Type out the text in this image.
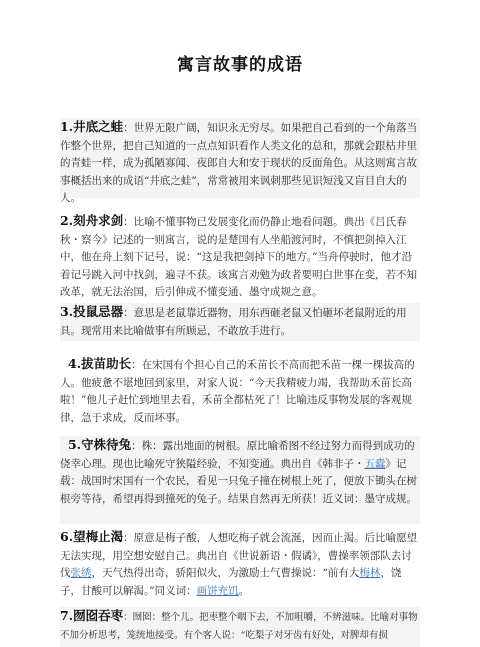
寓言故事的成语
1.井底之蛙：世界无限广阔，知识永无穷尽。如果把自己看到的一个角落当作整个世界，把自己知道的一点点知识看作人类文化的总和，那就会跟枯井里的青蛙一样，成为孤陋寡闻、夜郎自大和安于现状的反面角色。从这则寓言故事概括出来的成语“井底之蛙”，常常被用来讽刺那些见识短浅又盲目自大的人。
2.刻舟求剑：比喻不懂事物已发展变化而仍静止地看问题。典出《吕氏春秋・察今》记述的一则寓言，说的是楚国有人坐船渡河时，不慎把剑掉入江中，他在舟上刻下记号，说：“这是我把剑掉下的地方。”当舟停驶时，他才沿着记号跳入河中找剑，遍寻不获。该寓言劝勉为政者要明白世事在变，若不知改革，就无法治国，后引伸成不懂变通、墨守成规之意。
3.投鼠忌器：意思是老鼠靠近器物，用东西砸老鼠又怕砸坏老鼠附近的用具。现常用来比喻做事有所顾忌，不敢放手进行。
4.拔苗助长：在宋国有个担心自己的禾苗长不高而把禾苗一棵一棵拔高的人。他疲惫不堪地回到家里，对家人说：“今天我精疲力竭，我帮助禾苗长高啦！”他儿子赶忙到地里去看，禾苗全都枯死了！比喻违反事物发展的客观规律，急于求成，反而坏事。
5.守株待兔：株：露出地面的树根。原比喻希图不经过努力而得到成功的侥幸心理。现也比喻死守狭隘经验，不知变通。典出自《韩非子・五蠹》记载：战国时宋国有一个农民，看见一只兔子撞在树根上死了，便放下锄头在树根旁等待，希望再得到撞死的兔子。结果自然再无所获！近义词：墨守成规。
6.望梅止渴：原意是梅子酸，人想吃梅子就会流涎，因而止渴。后比喻愿望无法实现，用空想安慰自己。典出自《世说新语・假谲》，曹操率领部队去讨伐张绣，天气热得出奇，骄阳似火，为激励士气曹操说：“前有大梅林，饶子，甘酸可以解渴。”同义词：画饼充饥。
7.囫囵吞枣：囫囵：整个儿。把枣整个咽下去，不加咀嚼，不辨滋味。比喻对事物不加分析思考，笼统地接受。有个客人说：“吃梨子对牙齿有好处，对脾却有损
